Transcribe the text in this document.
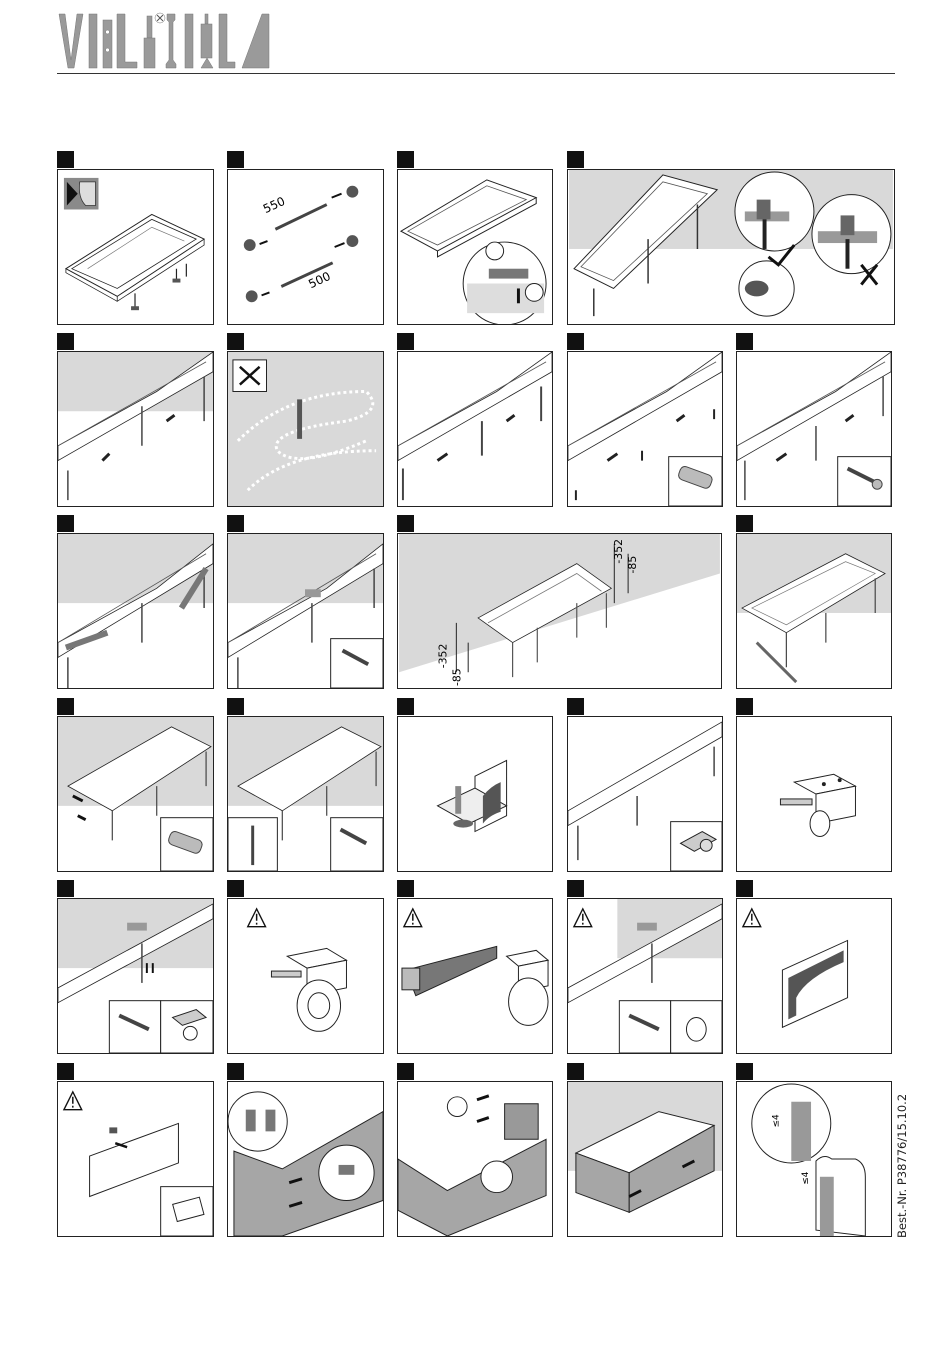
550
500
-352
-85
-352
-85
≤4
≤4	Best.-Nr. P38776/15.10.2
